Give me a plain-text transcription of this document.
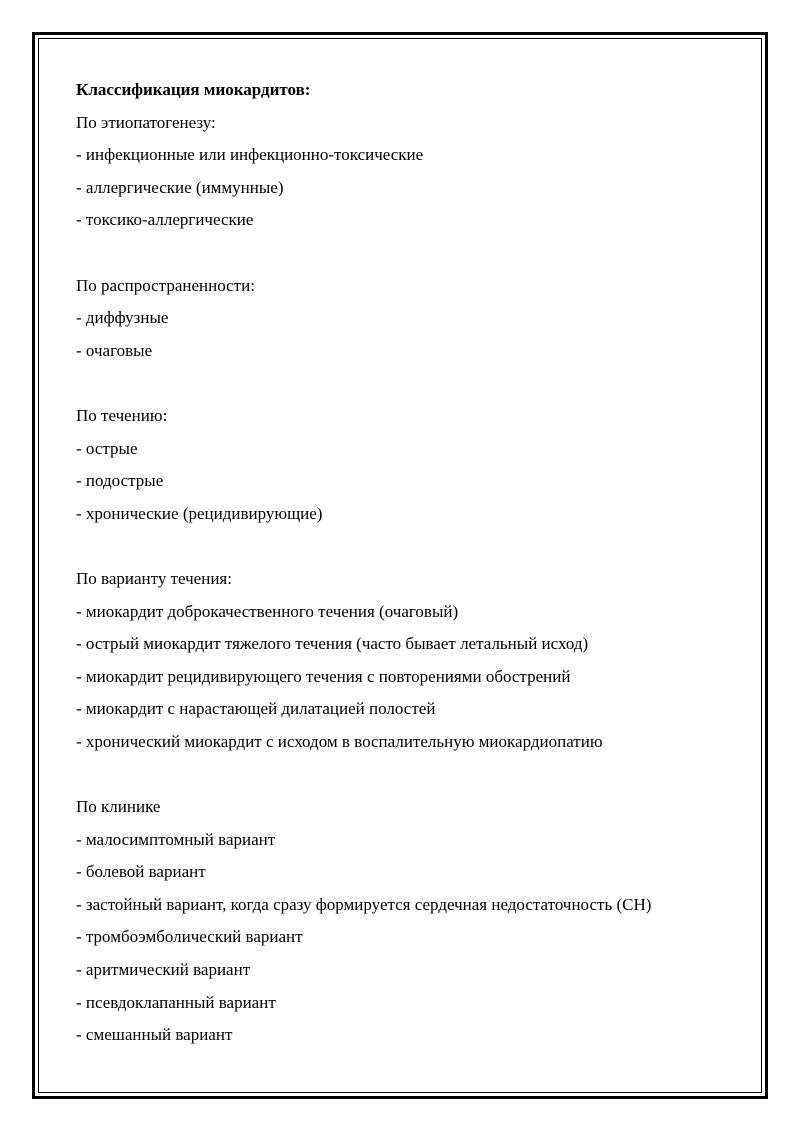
Классификация миокардитов:
По этиопатогенезу:
- инфекционные или инфекционно-токсические
- аллергические (иммунные)
- токсико-аллергические
По распространенности:
- диффузные
- очаговые
По течению:
- острые
- подострые
- хронические (рецидивирующие)
По варианту течения:
- миокардит доброкачественного течения (очаговый)
- острый миокардит тяжелого течения (часто бывает летальный исход)
- миокардит рецидивирующего течения с повторениями обострений
- миокардит с нарастающей дилатацией полостей
- хронический миокардит с исходом в воспалительную миокардиопатию
По клинике
- малосимптомный вариант
- болевой вариант
- застойный вариант, когда сразу формируется сердечная недостаточность (СН)
- тромбоэмболический вариант
- аритмический вариант
- псевдоклапанный вариант
- смешанный вариант
